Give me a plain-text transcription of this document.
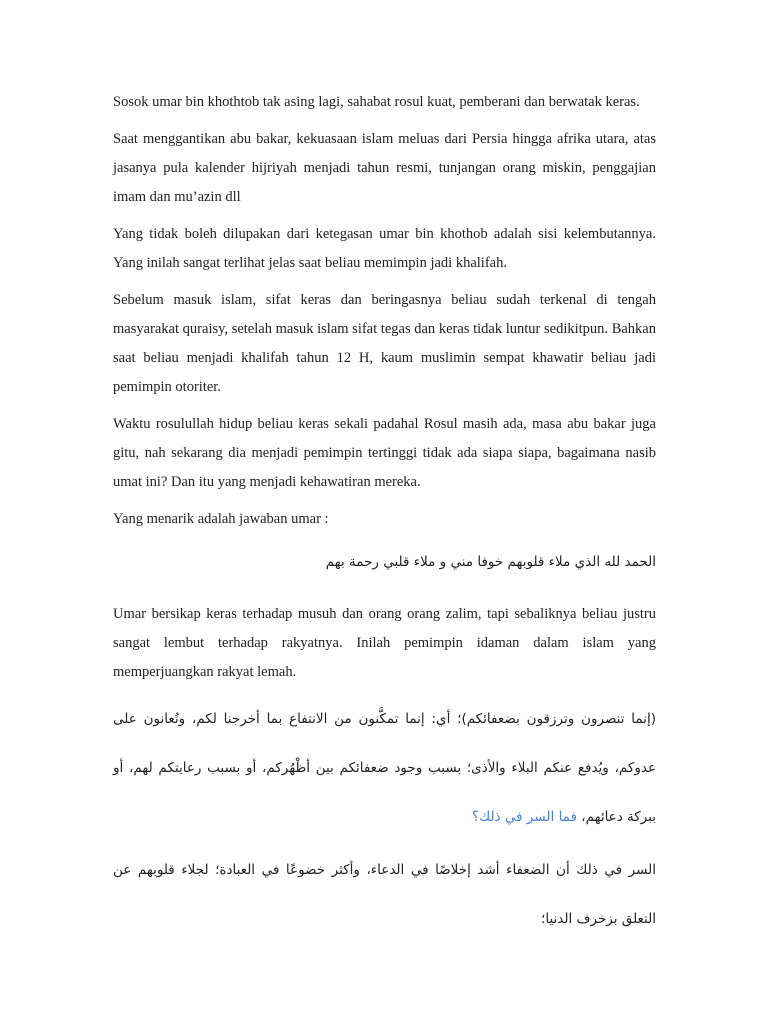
Sosok umar bin khothtob tak asing lagi, sahabat rosul kuat, pemberani dan berwatak keras.

Saat menggantikan abu bakar, kekuasaan islam meluas dari Persia hingga afrika utara, atas jasanya pula kalender hijriyah menjadi tahun resmi, tunjangan orang miskin, penggajian imam dan mu’azin dll

Yang tidak boleh dilupakan dari ketegasan umar bin khothob adalah sisi kelembutannya. Yang inilah sangat terlihat jelas saat beliau memimpin jadi khalifah.

Sebelum masuk islam, sifat keras dan beringasnya beliau sudah terkenal di tengah masyarakat quraisy, setelah masuk islam sifat tegas dan keras tidak luntur sedikitpun. Bahkan saat beliau menjadi khalifah tahun 12 H, kaum muslimin sempat khawatir beliau jadi pemimpin otoriter.

Waktu rosulullah hidup beliau keras sekali padahal Rosul masih ada, masa abu bakar juga gitu, nah sekarang dia menjadi pemimpin tertinggi tidak ada siapa siapa, bagaimana nasib umat ini? Dan itu yang menjadi kehawatiran mereka.

Yang menarik adalah jawaban umar :

الحمد لله الذي ملاء قلوبهم خوفا مني و ملاء قلبي رحمة بهم

Umar bersikap keras terhadap musuh dan orang orang zalim, tapi sebaliknya beliau justru sangat lembut terhadap rakyatnya. Inilah pemimpin idaman dalam islam yang memperjuangkan rakyat lemah.

(إنما تنصرون وترزقون بضعفائكم)؛ أي: إنما تمكَّنون من الانتفاع بما أخرجنا لكم، وتُعانون على عدوكم، ويُدفع عنكم البلاء والأذى؛ بسبب وجود ضعفائكم بين أظْهُركم، أو بسبب رعايتكم لهم، أو ببركة دعائهم، فما السر في ذلك؟

السر في ذلك أن الضعفاء أشد إخلاصًا في الدعاء، وأكثر خضوعًا في العبادة؛ لجلاء قلوبهم عن التعلق بزخرف الدنيا؛
